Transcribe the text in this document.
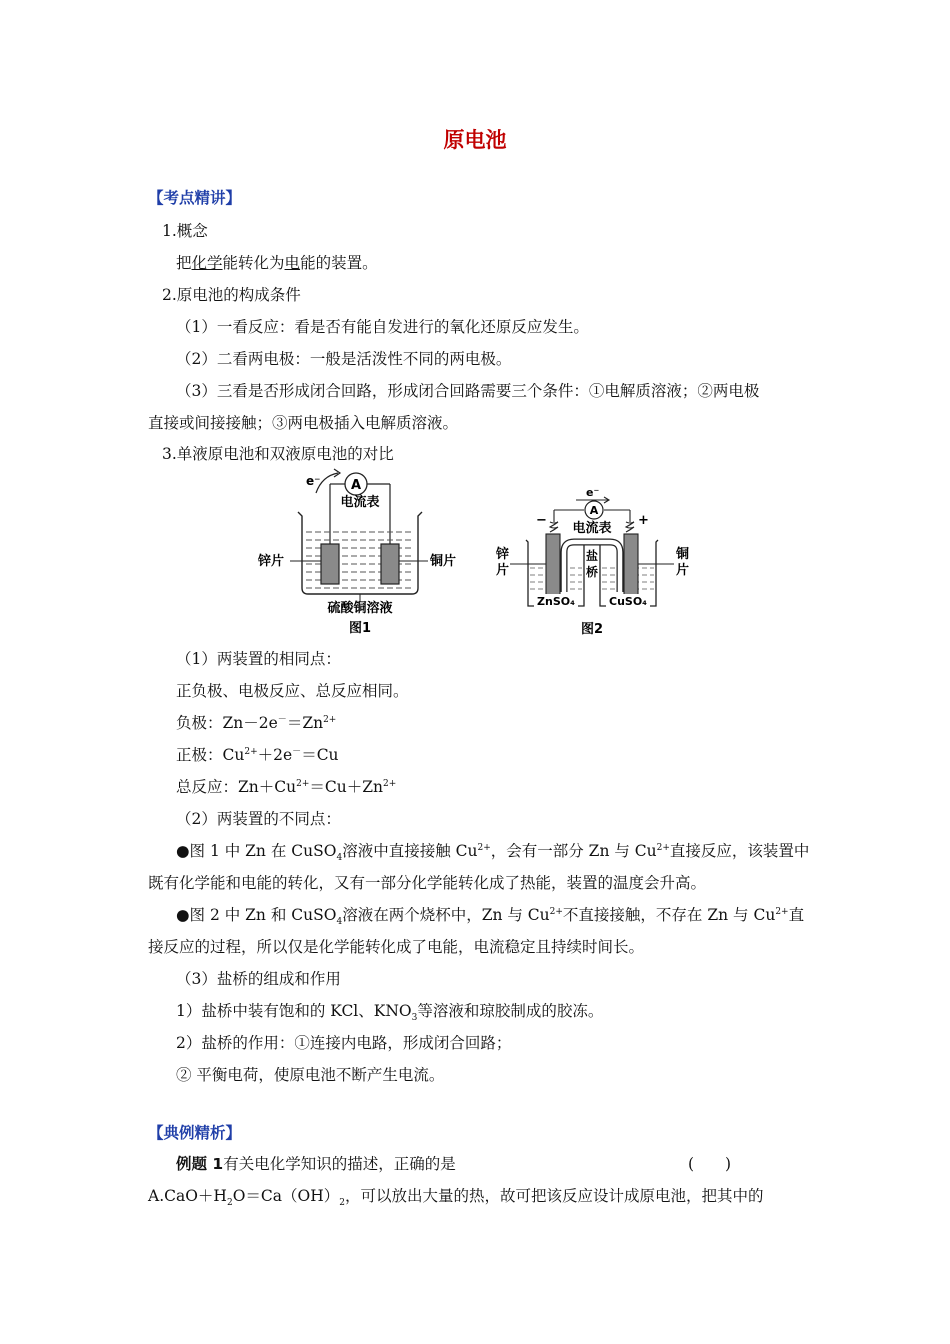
原电池
【考点精讲】
1.概念
把化学能转化为电能的装置。
2.原电池的构成条件
（1）一看反应：看是否有能自发进行的氧化还原反应发生。
（2）二看两电极：一般是活泼性不同的两电极。
（3）三看是否形成闭合回路，形成闭合回路需要三个条件：①电解质溶液；②两电极
直接或间接接触；③两电极插入电解质溶液。
3.单液原电池和双液原电池的对比
e⁻ A
电流表
锌片	铜片
硫酸铜溶液
图1
e⁻
A
−	+
电流表
盐
桥
锌
片
铜
片
ZnSO₄	CuSO₄
图2
（1）两装置的相同点：
正负极、电极反应、总反应相同。
负极：$Zn-2e^-=Zn^{2+}$
正极：$Cu^{2+}+2e^-=Cu$
总反应：$Zn+Cu^{2+}=Cu+Zn^{2+}$
（2）两装置的不同点：
●图 1 中 Zn 在 CuSO$_4$溶液中直接接触 $Cu^{2+}$，会有一部分 Zn 与 $Cu^{2+}$直接反应，该装置中
既有化学能和电能的转化，又有一部分化学能转化成了热能，装置的温度会升高。
●图 2 中 Zn 和 CuSO$_4$溶液在两个烧杯中，Zn 与 $Cu^{2+}$不直接接触，不存在 Zn 与 $Cu^{2+}$直
接反应的过程，所以仅是化学能转化成了电能，电流稳定且持续时间长。
（3）盐桥的组成和作用
1）盐桥中装有饱和的 KCl、$KNO_3$等溶液和琼胶制成的胶冻。
2）盐桥的作用：①连接内电路，形成闭合回路；
② 平衡电荷，使原电池不断产生电流。
【典例精析】
例题 1有关电化学知识的描述，正确的是	(　　)
$A.CaO+H_2O=Ca(OH)_2$，可以放出大量的热，故可把该反应设计成原电池，把其中的
